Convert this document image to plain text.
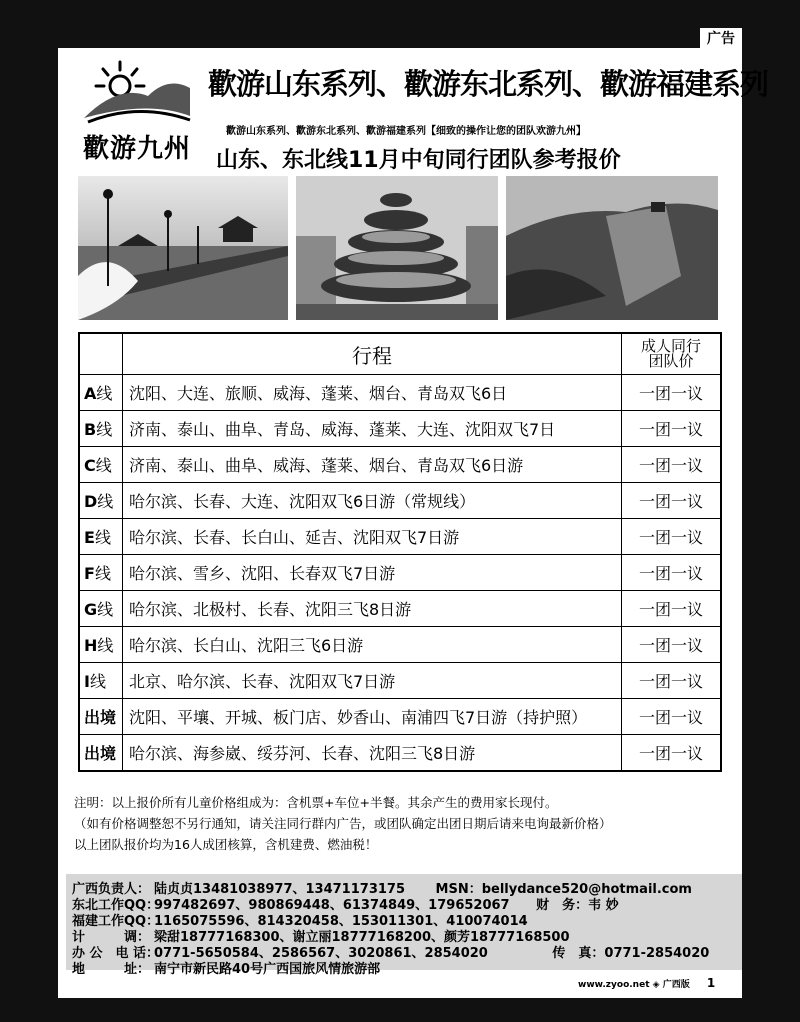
广告
歡游九州
歡游山东系列、歡游东北系列、歡游福建系列
歡游山东系列、歡游东北系列、歡游福建系列【细致的操作让您的团队欢游九州】
山东、东北线11月中旬同行团队参考报价
	行程	成人同行
团队价
A线	沈阳、大连、旅顺、威海、蓬莱、烟台、青岛双飞6日	一团一议
B线	济南、泰山、曲阜、青岛、威海、蓬莱、大连、沈阳双飞7日	一团一议
C线	济南、泰山、曲阜、威海、蓬莱、烟台、青岛双飞6日游	一团一议
D线	哈尔滨、长春、大连、沈阳双飞6日游（常规线）	一团一议
E线	哈尔滨、长春、长白山、延吉、沈阳双飞7日游	一团一议
F线	哈尔滨、雪乡、沈阳、长春双飞7日游	一团一议
G线	哈尔滨、北极村、长春、沈阳三飞8日游	一团一议
H线	哈尔滨、长白山、沈阳三飞6日游	一团一议
I线	北京、哈尔滨、长春、沈阳双飞7日游	一团一议
出境	沈阳、平壤、开城、板门店、妙香山、南浦四飞7日游（持护照）	一团一议
出境	哈尔滨、海参崴、绥芬河、长春、沈阳三飞8日游	一团一议
注明：以上报价所有儿童价格组成为：含机票+车位+半餐。其余产生的费用家长现付。
（如有价格调整恕不另行通知，请关注同行群内广告，或团队确定出团日期后请来电询最新价格）
以上团队报价均为16人成团核算，含机建费、燃油税！
广西负责人： 陆贞贞13481038977、13471173175 MSN：bellydance520@hotmail.com
东北工作QQ：997482697、980869448、61374849、179652067 财　务：韦 妙
福建工作QQ：1165075596、814320458、153011301、410074014
计　　　调： 梁甜18777168300、谢立丽18777168200、颜芳18777168500
办 公　电 话：0771-5650584、2586567、3020861、2854020	传　真：0771-2854020
地　　　址： 南宁市新民路40号广西国旅风情旅游部
www.zyoo.net ◈ 广西版 1
